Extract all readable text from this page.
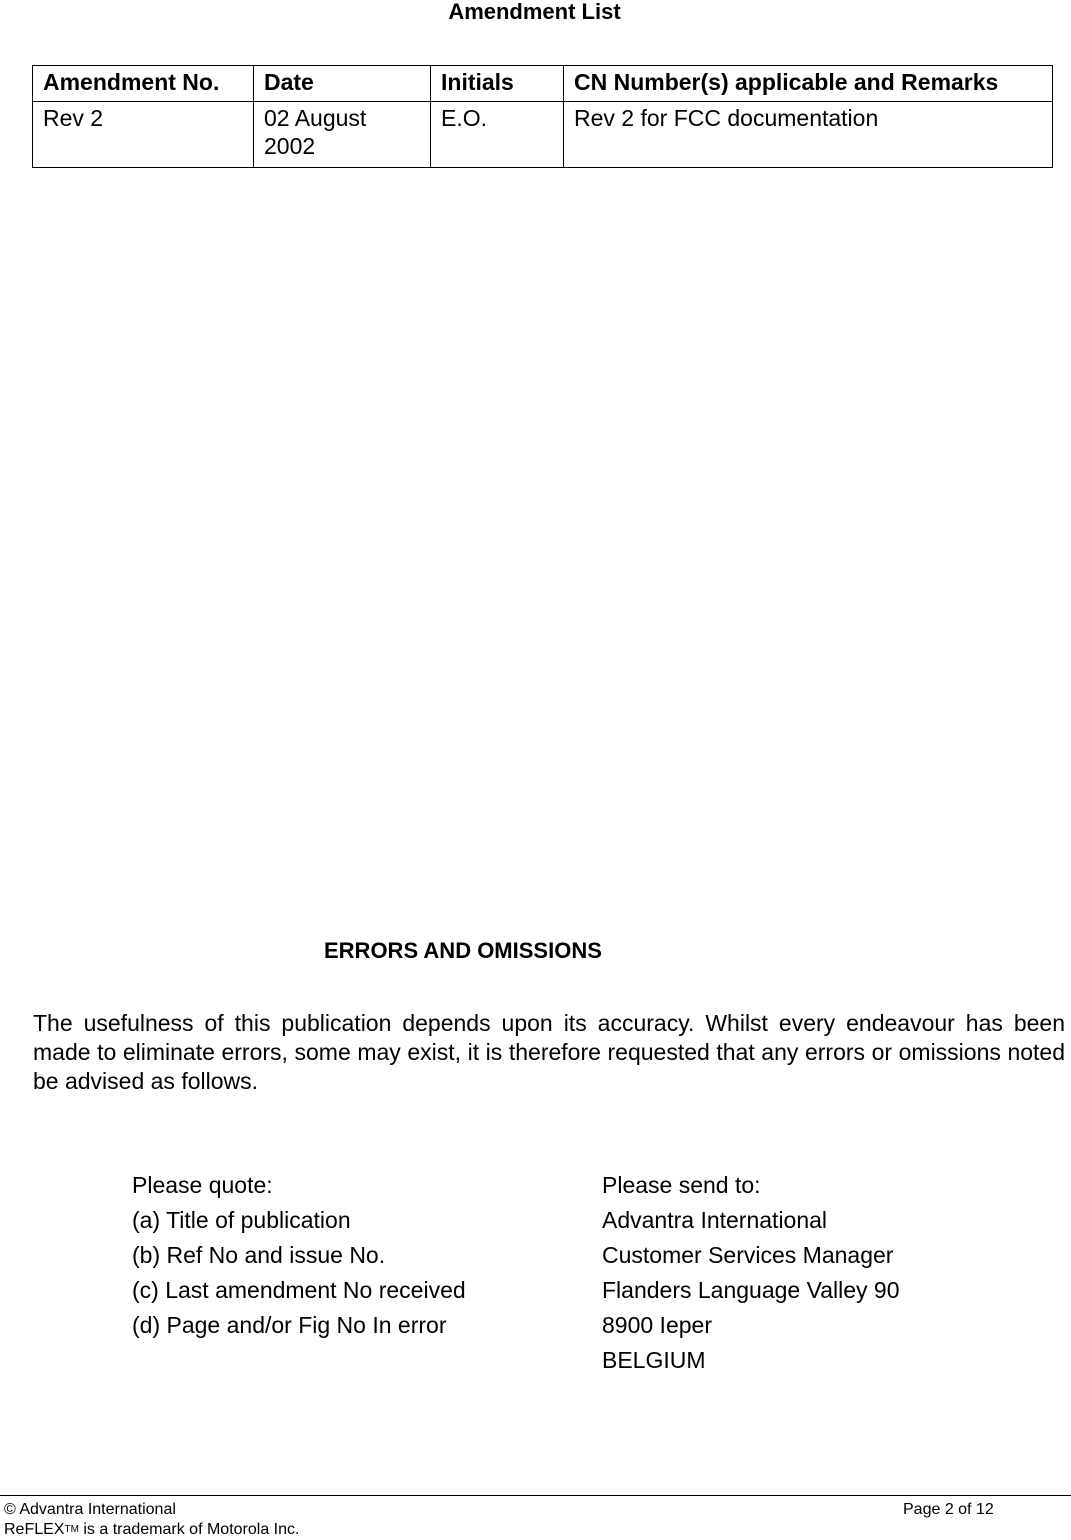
Amendment List
Amendment No.	Date	Initials	CN Number(s) applicable and Remarks
Rev 2	02 August 2002	E.O.	Rev 2 for FCC documentation
ERRORS AND OMISSIONS

The usefulness of this publication depends upon its accuracy. Whilst every endeavour has been made to eliminate errors, some may exist, it is therefore requested that any errors or omissions noted be advised as follows.

Please quote:
(a) Title of publication
(b) Ref No and issue No.
(c) Last amendment No received
(d) Page and/or Fig No In error
Please send to:
Advantra International
Customer Services Manager
Flanders Language Valley 90
8900 Ieper
BELGIUM
© Advantra International
ReFLEXTM is a trademark of Motorola Inc.
Page 2 of 12
